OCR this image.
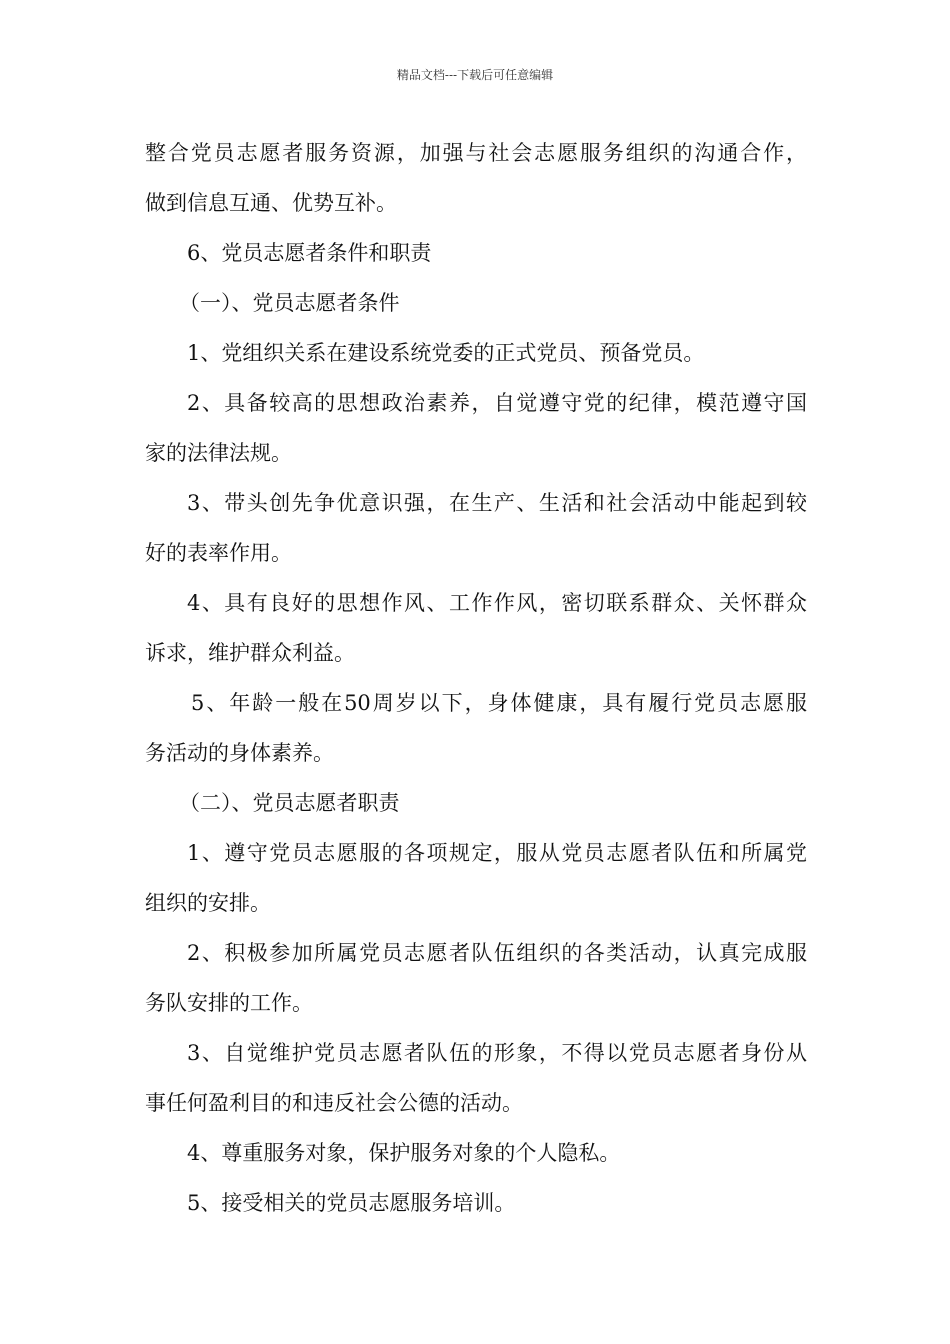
精品文档---下载后可任意编辑
整合党员志愿者服务资源，加强与社会志愿服务组织的沟通合作，
做到信息互通、优势互补。
6、党员志愿者条件和职责
（一）、党员志愿者条件
1、党组织关系在建设系统党委的正式党员、预备党员。
2、具备较高的思想政治素养，自觉遵守党的纪律，模范遵守国
家的法律法规。
3、带头创先争优意识强，在生产、生活和社会活动中能起到较
好的表率作用。
4、具有良好的思想作风、工作作风，密切联系群众、关怀群众
诉求，维护群众利益。
5、年龄一般在50周岁以下，身体健康，具有履行党员志愿服
务活动的身体素养。
（二）、党员志愿者职责
1、遵守党员志愿服的各项规定，服从党员志愿者队伍和所属党
组织的安排。
2、积极参加所属党员志愿者队伍组织的各类活动，认真完成服
务队安排的工作。
3、自觉维护党员志愿者队伍的形象，不得以党员志愿者身份从
事任何盈利目的和违反社会公德的活动。
4、尊重服务对象，保护服务对象的个人隐私。
5、接受相关的党员志愿服务培训。
